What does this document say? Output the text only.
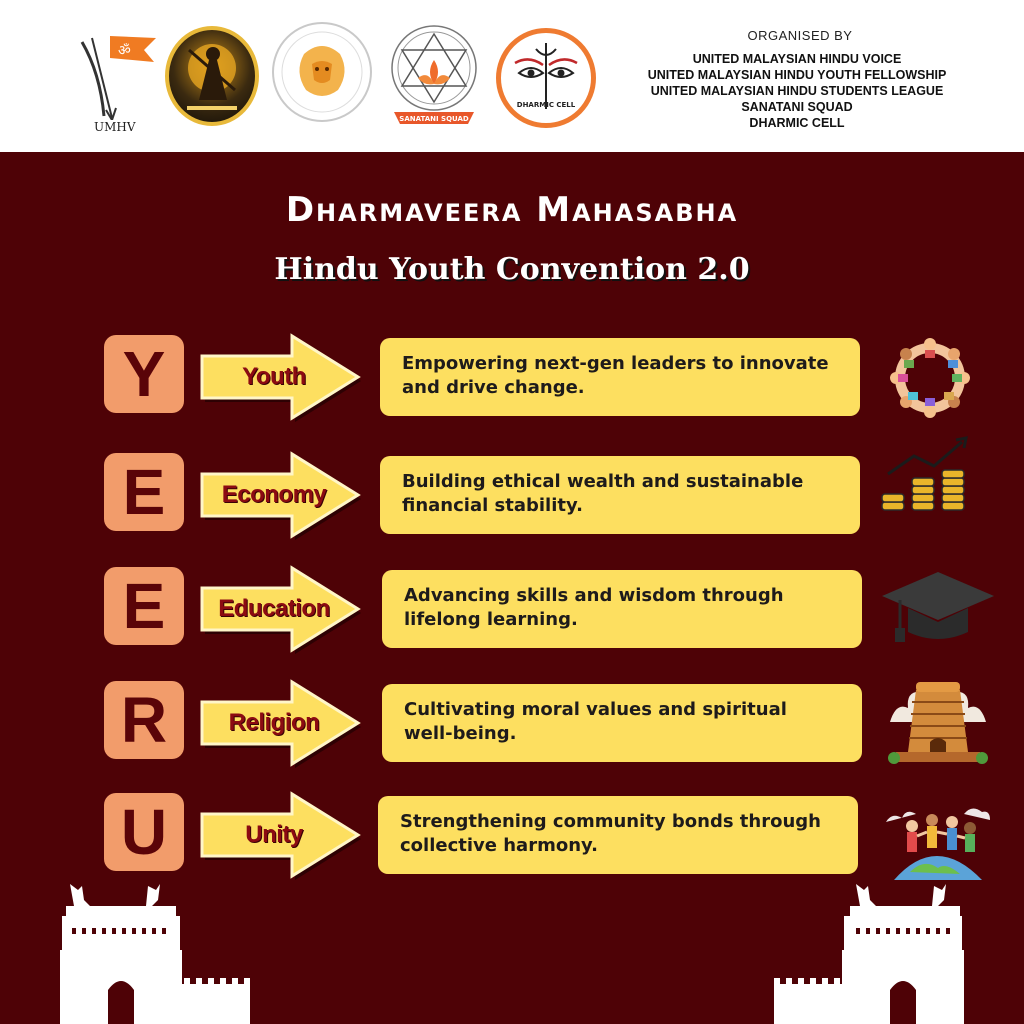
ॐ
UMHV
SANATANI SQUAD
DHARMIC CELL
ORGANISED BY
UNITED MALAYSIAN HINDU VOICE
UNITED MALAYSIAN HINDU YOUTH FELLOWSHIP
UNITED MALAYSIAN HINDU STUDENTS LEAGUE
SANATANI SQUAD
DHARMIC CELL
Dharmaveera Mahasabha
Hindu Youth Convention 2.0
Y	Youth	Empowering next-gen leaders to innovate and drive change.
E	Economy	Building ethical wealth and sustainable financial stability.
E	Education	Advancing skills and wisdom through lifelong learning.
R	Religion	Cultivating moral values and spiritual well-being.
U	Unity	Strengthening community bonds through collective harmony.
